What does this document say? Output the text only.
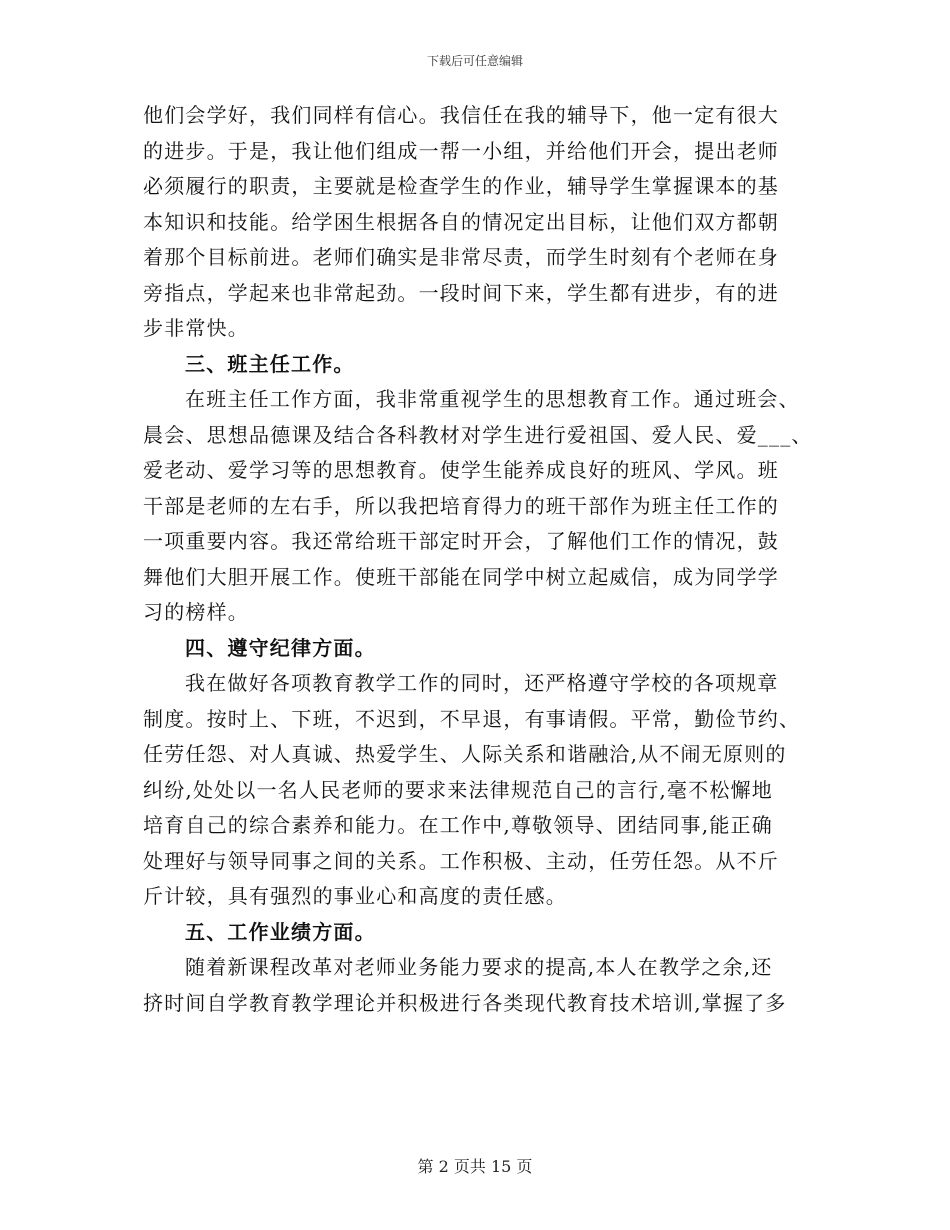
下载后可任意编辑
他们会学好，我们同样有信心。我信任在我的辅导下，他一定有很大
的进步。于是，我让他们组成一帮一小组，并给他们开会，提出老师
必须履行的职责，主要就是检查学生的作业，辅导学生掌握课本的基
本知识和技能。给学困生根据各自的情况定出目标，让他们双方都朝
着那个目标前进。老师们确实是非常尽责，而学生时刻有个老师在身
旁指点，学起来也非常起劲。一段时间下来，学生都有进步，有的进
步非常快。
三、班主任工作。
在班主任工作方面，我非常重视学生的思想教育工作。通过班会、
晨会、思想品德课及结合各科教材对学生进行爱祖国、爱人民、爱___、
爱老动、爱学习等的思想教育。使学生能养成良好的班风、学风。班
干部是老师的左右手，所以我把培育得力的班干部作为班主任工作的
一项重要内容。我还常给班干部定时开会，了解他们工作的情况，鼓
舞他们大胆开展工作。使班干部能在同学中树立起威信，成为同学学
习的榜样。
四、遵守纪律方面。
我在做好各项教育教学工作的同时，还严格遵守学校的各项规章
制度。按时上、下班，不迟到，不早退，有事请假。平常，勤俭节约、
任劳任怨、对人真诚、热爱学生、人际关系和谐融洽,从不闹无原则的
纠纷,处处以一名人民老师的要求来法律规范自己的言行,毫不松懈地
培育自己的综合素养和能力。在工作中,尊敬领导、团结同事,能正确
处理好与领导同事之间的关系。工作积极、主动，任劳任怨。从不斤
斤计较，具有强烈的事业心和高度的责任感。
五、工作业绩方面。
随着新课程改革对老师业务能力要求的提高,本人在教学之余,还
挤时间自学教育教学理论并积极进行各类现代教育技术培训,掌握了多
第 2 页共 15 页
